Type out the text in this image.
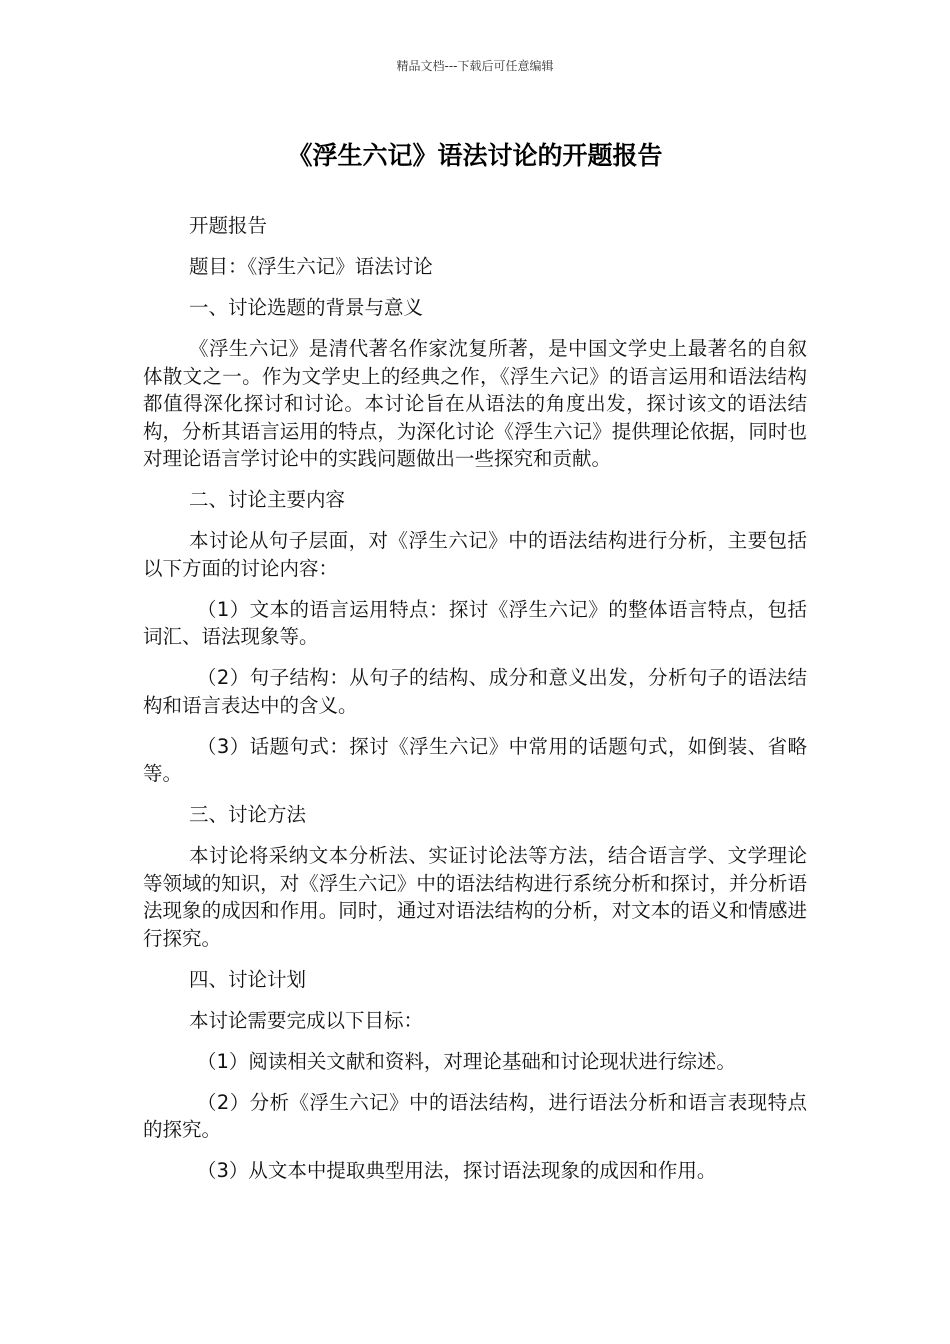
精品文档---下载后可任意编辑
《浮生六记》语法讨论的开题报告

开题报告

题目：《浮生六记》语法讨论

一、讨论选题的背景与意义

《浮生六记》是清代著名作家沈复所著，是中国文学史上最著名的自叙体散文之一。作为文学史上的经典之作，《浮生六记》的语言运用和语法结构都值得深化探讨和讨论。本讨论旨在从语法的角度出发，探讨该文的语法结构，分析其语言运用的特点，为深化讨论《浮生六记》提供理论依据，同时也对理论语言学讨论中的实践问题做出一些探究和贡献。

二、讨论主要内容

本讨论从句子层面，对《浮生六记》中的语法结构进行分析，主要包括以下方面的讨论内容：

（1）文本的语言运用特点：探讨《浮生六记》的整体语言特点，包括词汇、语法现象等。

（2）句子结构：从句子的结构、成分和意义出发，分析句子的语法结构和语言表达中的含义。

（3）话题句式：探讨《浮生六记》中常用的话题句式，如倒装、省略等。

三、讨论方法

本讨论将采纳文本分析法、实证讨论法等方法，结合语言学、文学理论等领域的知识，对《浮生六记》中的语法结构进行系统分析和探讨，并分析语法现象的成因和作用。同时，通过对语法结构的分析，对文本的语义和情感进行探究。

四、讨论计划

本讨论需要完成以下目标：

（1）阅读相关文献和资料，对理论基础和讨论现状进行综述。

（2）分析《浮生六记》中的语法结构，进行语法分析和语言表现特点的探究。

（3）从文本中提取典型用法，探讨语法现象的成因和作用。
